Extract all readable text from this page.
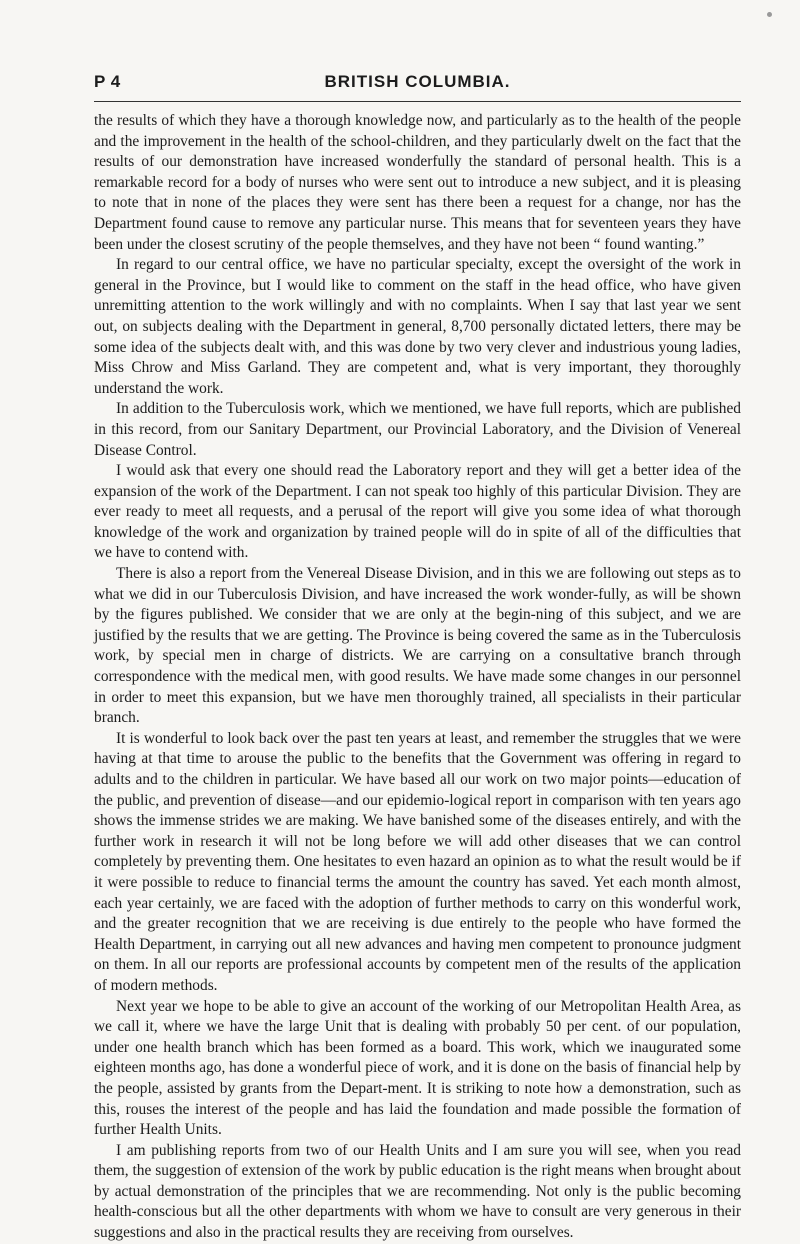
P 4	BRITISH COLUMBIA.

the results of which they have a thorough knowledge now, and particularly as to the health of the people and the improvement in the health of the school-children, and they particularly dwelt on the fact that the results of our demonstration have increased wonderfully the standard of personal health. This is a remarkable record for a body of nurses who were sent out to introduce a new subject, and it is pleasing to note that in none of the places they were sent has there been a request for a change, nor has the Department found cause to remove any particular nurse. This means that for seventeen years they have been under the closest scrutiny of the people themselves, and they have not been “ found wanting.”

In regard to our central office, we have no particular specialty, except the oversight of the work in general in the Province, but I would like to comment on the staff in the head office, who have given unremitting attention to the work willingly and with no complaints. When I say that last year we sent out, on subjects dealing with the Department in general, 8,700 personally dictated letters, there may be some idea of the subjects dealt with, and this was done by two very clever and industrious young ladies, Miss Chrow and Miss Garland. They are competent and, what is very important, they thoroughly understand the work.

In addition to the Tuberculosis work, which we mentioned, we have full reports, which are published in this record, from our Sanitary Department, our Provincial Laboratory, and the Division of Venereal Disease Control.

I would ask that every one should read the Laboratory report and they will get a better idea of the expansion of the work of the Department. I can not speak too highly of this particular Division. They are ever ready to meet all requests, and a perusal of the report will give you some idea of what thorough knowledge of the work and organization by trained people will do in spite of all of the difficulties that we have to contend with.

There is also a report from the Venereal Disease Division, and in this we are following out steps as to what we did in our Tuberculosis Division, and have increased the work wonder-fully, as will be shown by the figures published. We consider that we are only at the begin-ning of this subject, and we are justified by the results that we are getting. The Province is being covered the same as in the Tuberculosis work, by special men in charge of districts. We are carrying on a consultative branch through correspondence with the medical men, with good results. We have made some changes in our personnel in order to meet this expansion, but we have men thoroughly trained, all specialists in their particular branch.

It is wonderful to look back over the past ten years at least, and remember the struggles that we were having at that time to arouse the public to the benefits that the Government was offering in regard to adults and to the children in particular. We have based all our work on two major points—education of the public, and prevention of disease—and our epidemio-logical report in comparison with ten years ago shows the immense strides we are making. We have banished some of the diseases entirely, and with the further work in research it will not be long before we will add other diseases that we can control completely by preventing them. One hesitates to even hazard an opinion as to what the result would be if it were possible to reduce to financial terms the amount the country has saved. Yet each month almost, each year certainly, we are faced with the adoption of further methods to carry on this wonderful work, and the greater recognition that we are receiving is due entirely to the people who have formed the Health Department, in carrying out all new advances and having men competent to pronounce judgment on them. In all our reports are professional accounts by competent men of the results of the application of modern methods.

Next year we hope to be able to give an account of the working of our Metropolitan Health Area, as we call it, where we have the large Unit that is dealing with probably 50 per cent. of our population, under one health branch which has been formed as a board. This work, which we inaugurated some eighteen months ago, has done a wonderful piece of work, and it is done on the basis of financial help by the people, assisted by grants from the Depart-ment. It is striking to note how a demonstration, such as this, rouses the interest of the people and has laid the foundation and made possible the formation of further Health Units.

I am publishing reports from two of our Health Units and I am sure you will see, when you read them, the suggestion of extension of the work by public education is the right means when brought about by actual demonstration of the principles that we are recommending. Not only is the public becoming health-conscious but all the other departments with whom we have to consult are very generous in their suggestions and also in the practical results they are receiving from ourselves.
